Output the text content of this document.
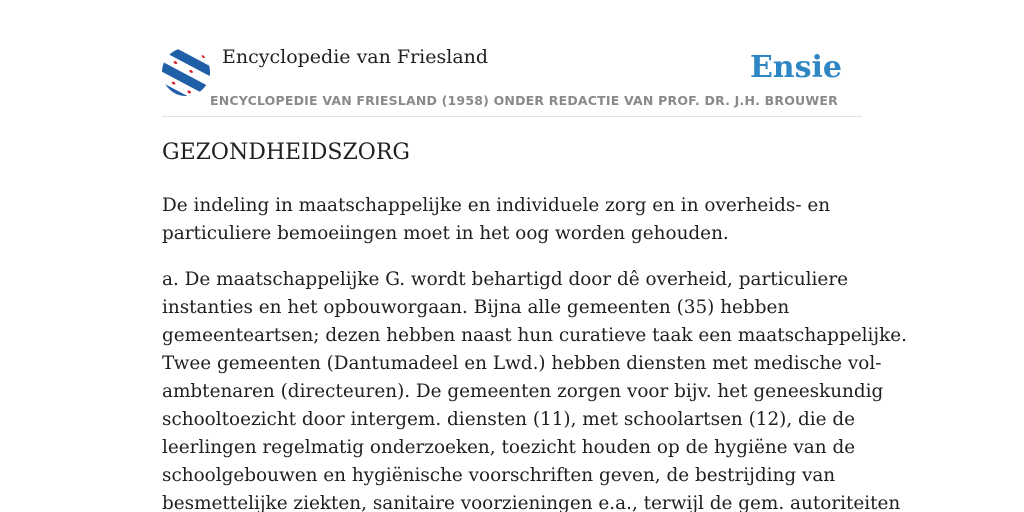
Encyclopedie van Friesland	Ensie
ENCYCLOPEDIE VAN FRIESLAND (1958) ONDER REDACTIE VAN PROF. DR. J.H. BROUWER
GEZONDHEIDSZORG

De indeling in maatschappelijke en individuele zorg en in overheids- en
particuliere bemoeiingen moet in het oog worden gehouden.

a. De maatschappelijke G. wordt behartigd door dê overheid, particuliere
instanties en het opbouworgaan. Bijna alle gemeenten (35) hebben
gemeenteartsen; dezen hebben naast hun curatieve taak een maatschappelijke.
Twee gemeenten (Dantumadeel en Lwd.) hebben diensten met medische vol-
ambtenaren (directeuren). De gemeenten zorgen voor bijv. het geneeskundig
schooltoezicht door intergem. diensten (11), met schoolartsen (12), die de
leerlingen regelmatig onderzoeken, toezicht houden op de hygiëne van de
schoolgebouwen en hygiënische voorschriften geven, de bestrijding van
besmettelijke ziekten, sanitaire voorzieningen e.a., terwijl de gem. autoriteiten
